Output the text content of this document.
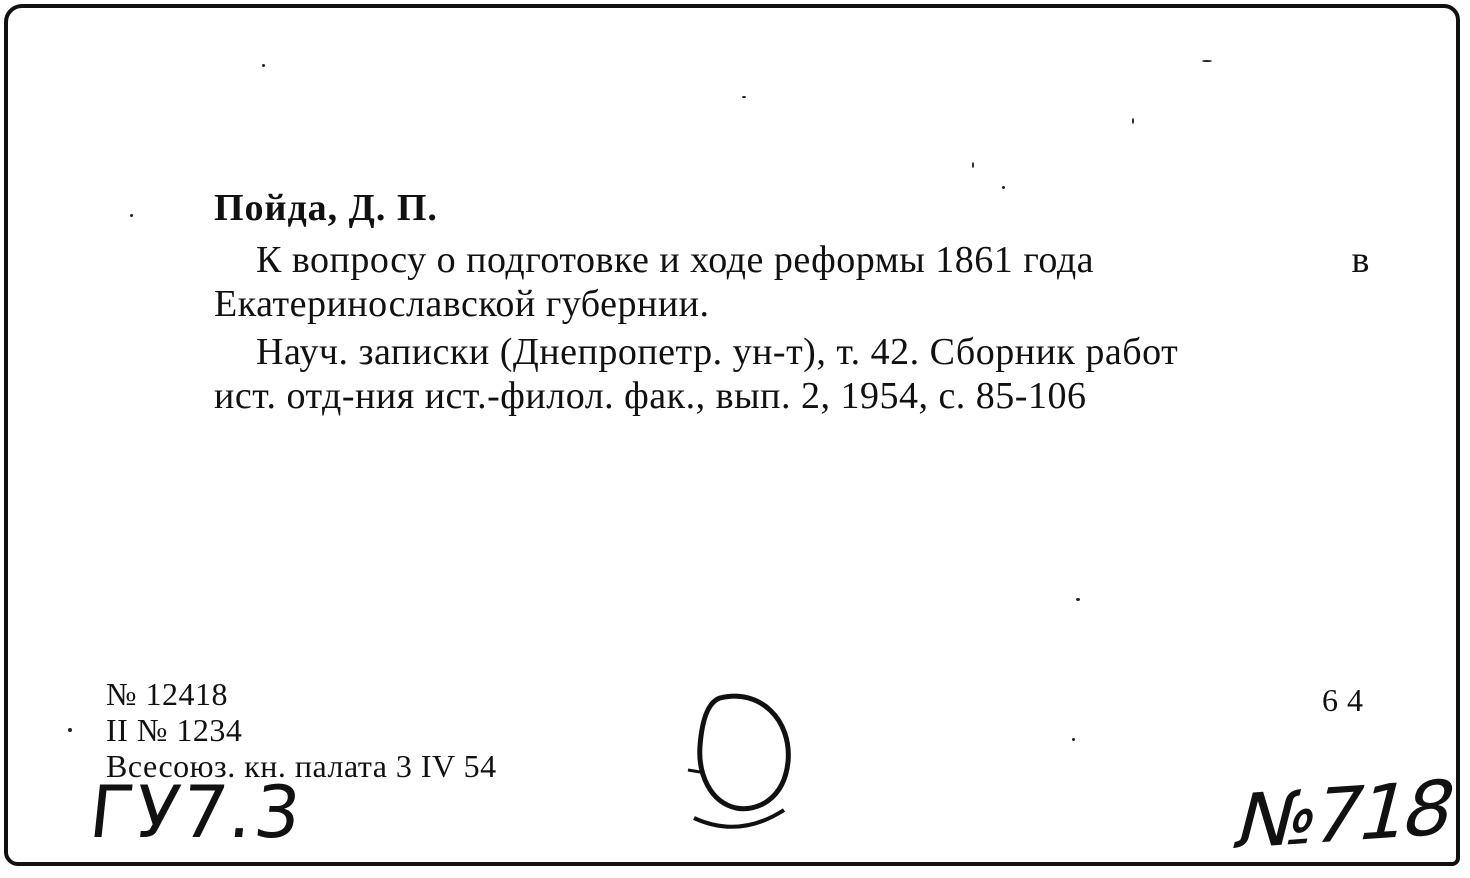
Пойда, Д. П.
К вопросу о подготовке и ходе реформы 1861 года	в
Екатеринославской губернии.
Науч. записки (Днепропетр. ун-т), т. 42. Сборник работ
ист. отд-ния ист.-филол. фак., вып. 2, 1954, с. 85-106
№ 12418
II № 1234
Всесоюз. кн. палата 3 IV 54
6 4
ГУ7.3	№718
